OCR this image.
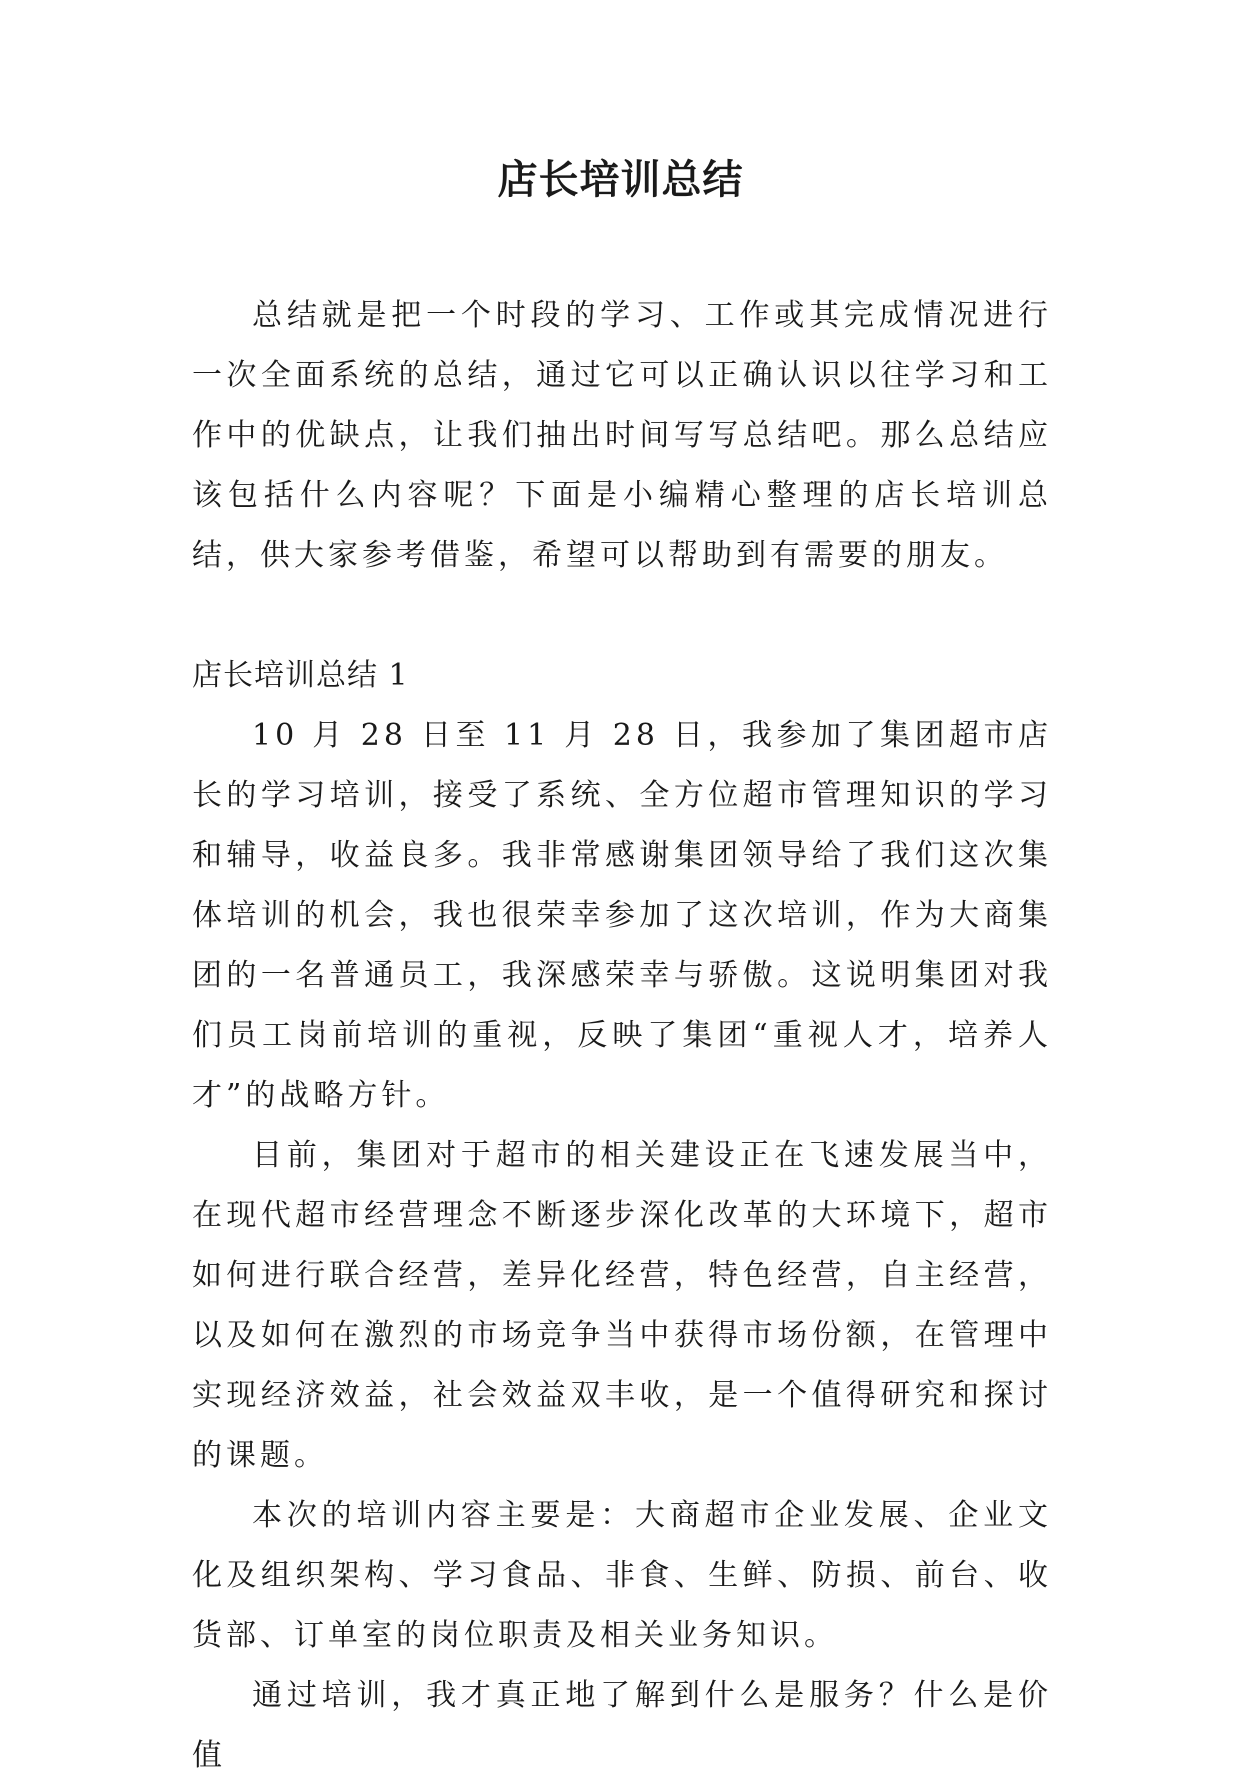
店长培训总结

总结就是把一个时段的学习、工作或其完成情况进行一次全面系统的总结，通过它可以正确认识以往学习和工作中的优缺点，让我们抽出时间写写总结吧。那么总结应该包括什么内容呢？下面是小编精心整理的店长培训总结，供大家参考借鉴，希望可以帮助到有需要的朋友。

店长培训总结 1

10 月 28 日至 11 月 28 日，我参加了集团超市店长的学习培训，接受了系统、全方位超市管理知识的学习和辅导，收益良多。我非常感谢集团领导给了我们这次集体培训的机会，我也很荣幸参加了这次培训，作为大商集团的一名普通员工，我深感荣幸与骄傲。这说明集团对我们员工岗前培训的重视，反映了集团“重视人才，培养人才”的战略方针。

目前，集团对于超市的相关建设正在飞速发展当中，在现代超市经营理念不断逐步深化改革的大环境下，超市如何进行联合经营，差异化经营，特色经营，自主经营，以及如何在激烈的市场竞争当中获得市场份额，在管理中实现经济效益，社会效益双丰收，是一个值得研究和探讨的课题。

本次的培训内容主要是：大商超市企业发展、企业文化及组织架构、学习食品、非食、生鲜、防损、前台、收货部、订单室的岗位职责及相关业务知识。

通过培训，我才真正地了解到什么是服务？什么是价值
